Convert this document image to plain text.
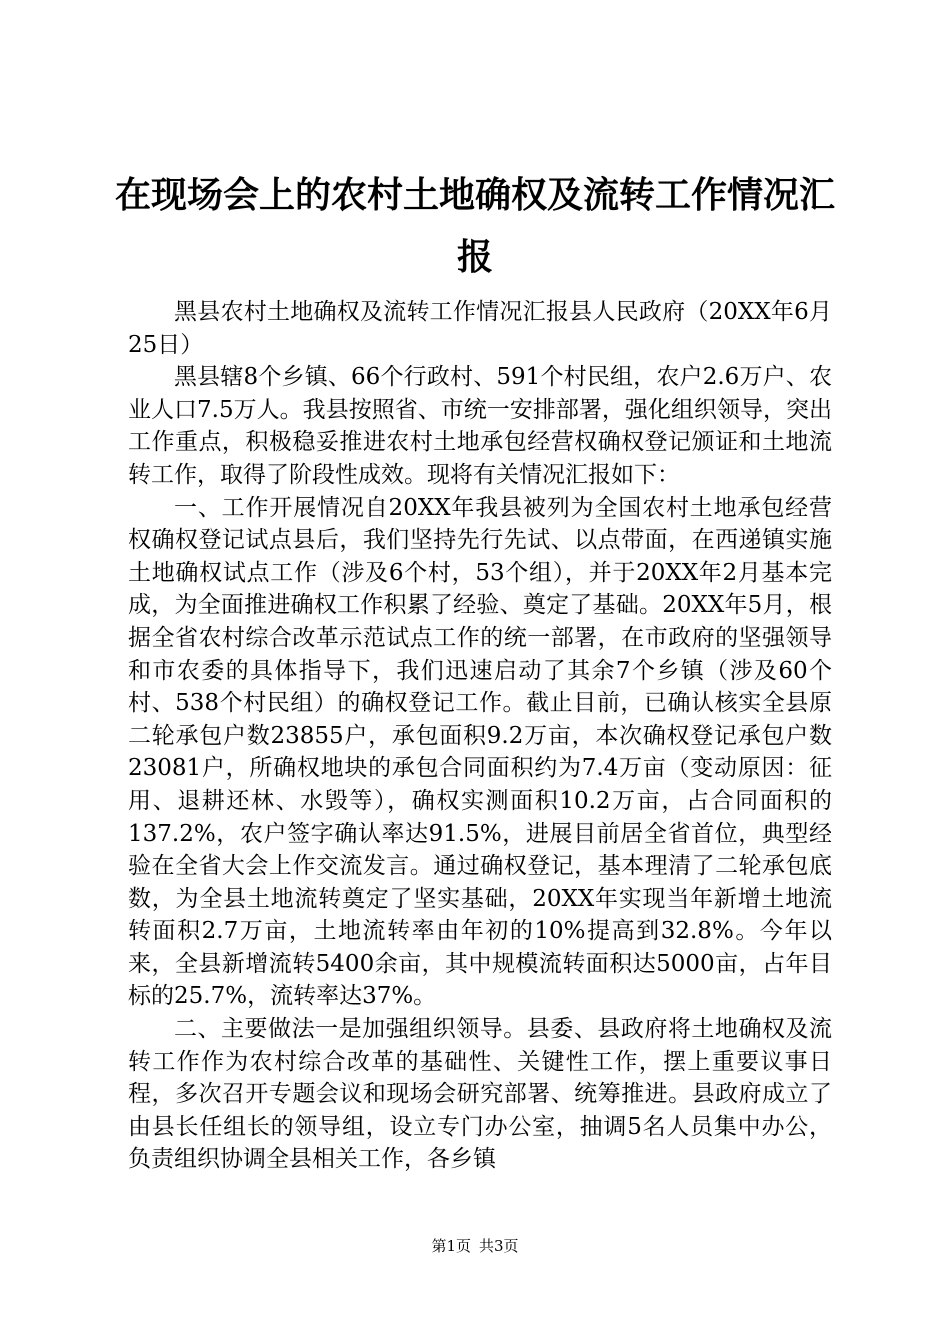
在现场会上的农村土地确权及流转工作情况汇报

黑县农村土地确权及流转工作情况汇报县人民政府（20XX年6月25日）

黑县辖8个乡镇、66个行政村、591个村民组，农户2.6万户、农业人口7.5万人。我县按照省、市统一安排部署，强化组织领导，突出工作重点，积极稳妥推进农村土地承包经营权确权登记颁证和土地流转工作，取得了阶段性成效。现将有关情况汇报如下：

一、工作开展情况自20XX年我县被列为全国农村土地承包经营权确权登记试点县后，我们坚持先行先试、以点带面，在西递镇实施土地确权试点工作（涉及6个村，53个组），并于20XX年2月基本完成，为全面推进确权工作积累了经验、奠定了基础。20XX年5月，根据全省农村综合改革示范试点工作的统一部署，在市政府的坚强领导和市农委的具体指导下，我们迅速启动了其余7个乡镇（涉及60个村、538个村民组）的确权登记工作。截止目前，已确认核实全县原二轮承包户数23855户，承包面积9.2万亩，本次确权登记承包户数23081户，所确权地块的承包合同面积约为7.4万亩（变动原因：征用、退耕还林、水毁等），确权实测面积10.2万亩，占合同面积的137.2%，农户签字确认率达91.5%，进展目前居全省首位，典型经验在全省大会上作交流发言。通过确权登记，基本理清了二轮承包底数，为全县土地流转奠定了坚实基础，20XX年实现当年新增土地流转面积2.7万亩，土地流转率由年初的10%提高到32.8%。今年以来，全县新增流转5400余亩，其中规模流转面积达5000亩，占年目标的25.7%，流转率达37%。

二、主要做法一是加强组织领导。县委、县政府将土地确权及流转工作作为农村综合改革的基础性、关键性工作，摆上重要议事日程，多次召开专题会议和现场会研究部署、统筹推进。县政府成立了由县长任组长的领导组，设立专门办公室，抽调5名人员集中办公，负责组织协调全县相关工作，各乡镇

第1页 共3页
